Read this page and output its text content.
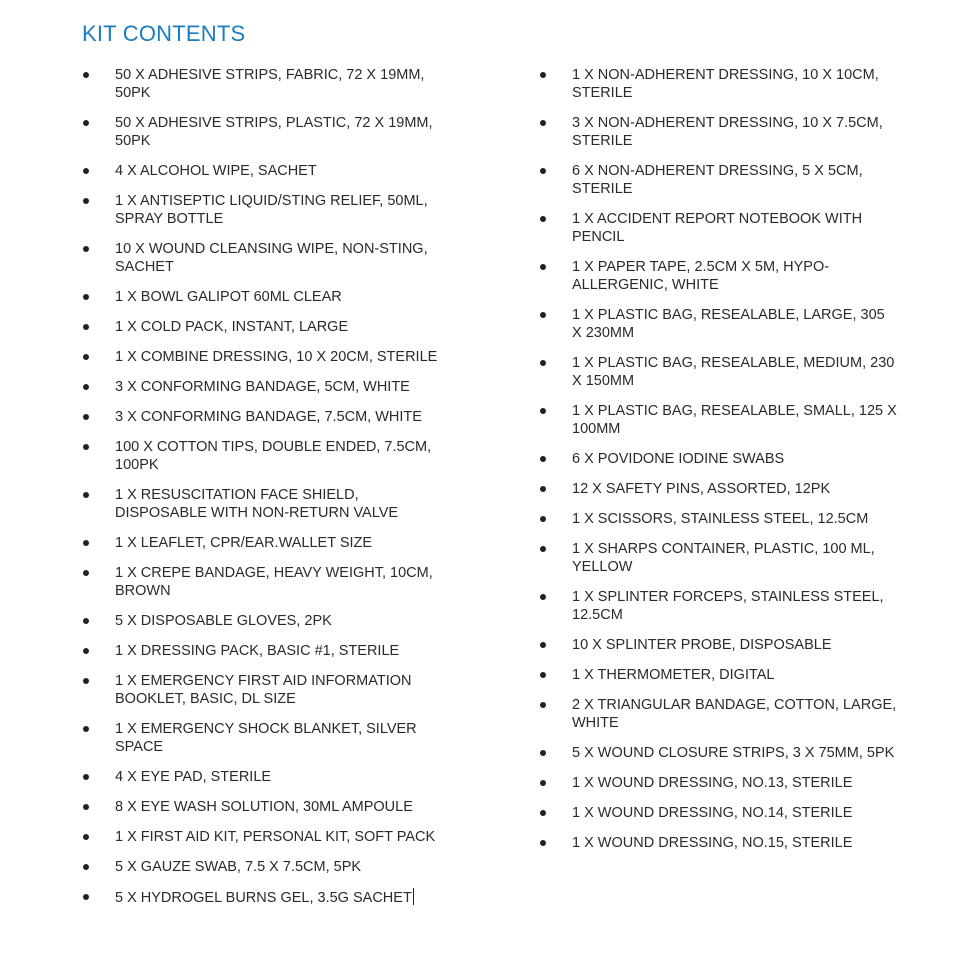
KIT CONTENTS
50 X ADHESIVE STRIPS, FABRIC, 72 X 19MM, 50PK
50 X ADHESIVE STRIPS, PLASTIC, 72 X 19MM, 50PK
4 X ALCOHOL WIPE, SACHET
1 X ANTISEPTIC LIQUID/STING RELIEF, 50ML, SPRAY BOTTLE
10 X WOUND CLEANSING WIPE, NON-STING, SACHET
1 X BOWL GALIPOT 60ML CLEAR
1 X COLD PACK, INSTANT, LARGE
1 X COMBINE DRESSING, 10 X 20CM, STERILE
3 X CONFORMING BANDAGE, 5CM, WHITE
3 X CONFORMING BANDAGE, 7.5CM, WHITE
100 X COTTON TIPS, DOUBLE ENDED, 7.5CM, 100PK
1 X RESUSCITATION FACE SHIELD, DISPOSABLE WITH NON-RETURN VALVE
1 X LEAFLET, CPR/EAR.WALLET SIZE
1 X CREPE BANDAGE, HEAVY WEIGHT, 10CM, BROWN
5 X DISPOSABLE GLOVES, 2PK
1 X DRESSING PACK, BASIC #1, STERILE
1 X EMERGENCY FIRST AID INFORMATION BOOKLET, BASIC, DL SIZE
1 X EMERGENCY SHOCK BLANKET, SILVER SPACE
4 X EYE PAD, STERILE
8 X EYE WASH SOLUTION, 30ML AMPOULE
1 X FIRST AID KIT, PERSONAL KIT, SOFT PACK
5 X GAUZE SWAB, 7.5 X 7.5CM, 5PK
5 X HYDROGEL BURNS GEL, 3.5G SACHET
1 X NON-ADHERENT DRESSING, 10 X 10CM, STERILE
3 X NON-ADHERENT DRESSING, 10 X 7.5CM, STERILE
6 X NON-ADHERENT DRESSING, 5 X 5CM, STERILE
1 X ACCIDENT REPORT NOTEBOOK WITH PENCIL
1 X PAPER TAPE, 2.5CM X 5M, HYPO-ALLERGENIC, WHITE
1 X PLASTIC BAG, RESEALABLE, LARGE, 305 X 230MM
1 X PLASTIC BAG, RESEALABLE, MEDIUM, 230 X 150MM
1 X PLASTIC BAG, RESEALABLE, SMALL, 125 X 100MM
6 X POVIDONE IODINE SWABS
12 X SAFETY PINS, ASSORTED, 12PK
1 X SCISSORS, STAINLESS STEEL, 12.5CM
1 X SHARPS CONTAINER, PLASTIC, 100 ML, YELLOW
1 X SPLINTER FORCEPS, STAINLESS STEEL, 12.5CM
10 X SPLINTER PROBE, DISPOSABLE
1 X THERMOMETER, DIGITAL
2 X TRIANGULAR BANDAGE, COTTON, LARGE, WHITE
5 X WOUND CLOSURE STRIPS, 3 X 75MM, 5PK
1 X WOUND DRESSING, NO.13, STERILE
1 X WOUND DRESSING, NO.14, STERILE
1 X WOUND DRESSING, NO.15, STERILE
